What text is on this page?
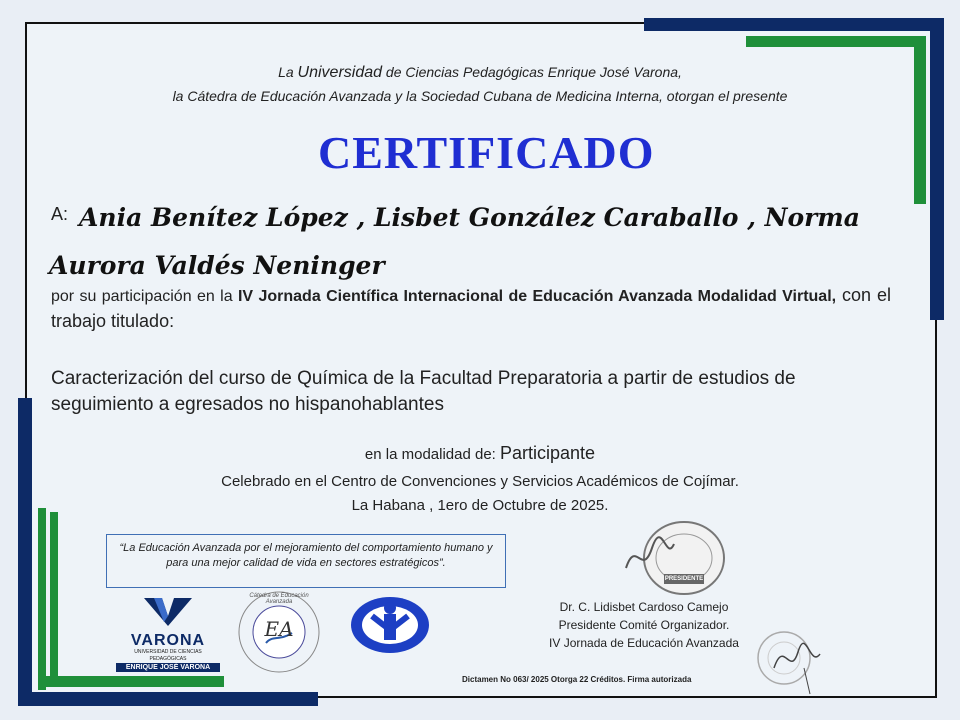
La Universidad de Ciencias Pedagógicas Enrique José Varona,
la Cátedra de Educación Avanzada y la Sociedad Cubana de Medicina Interna, otorgan el presente
CERTIFICADO
A: Ania Benítez López , Lisbet González Caraballo , Norma Aurora Valdés Neninger
por su participación en la IV Jornada Científica Internacional de Educación Avanzada Modalidad Virtual, con el trabajo titulado:
Caracterización del curso de Química de la Facultad Preparatoria a partir de estudios de seguimiento a egresados no hispanohablantes
en la modalidad de: Participante
Celebrado en el Centro de Convenciones y Servicios Académicos de Cojímar.
La Habana , 1ero de Octubre de 2025.
“La Educación Avanzada por el mejoramiento del comportamiento humano y para una mejor calidad de vida en sectores estratégicos”.
VARONA
UNIVERSIDAD DE CIENCIAS PEDAGÓGICAS
ENRIQUE JOSÉ VARONA
EA
Cátedra de Educación Avanzada
PRESIDENTE
Dr. C. Lidisbet Cardoso Camejo
Presidente Comité Organizador.
IV Jornada de Educación Avanzada
Dictamen No 063/ 2025 Otorga 22 Créditos. Firma autorizada
